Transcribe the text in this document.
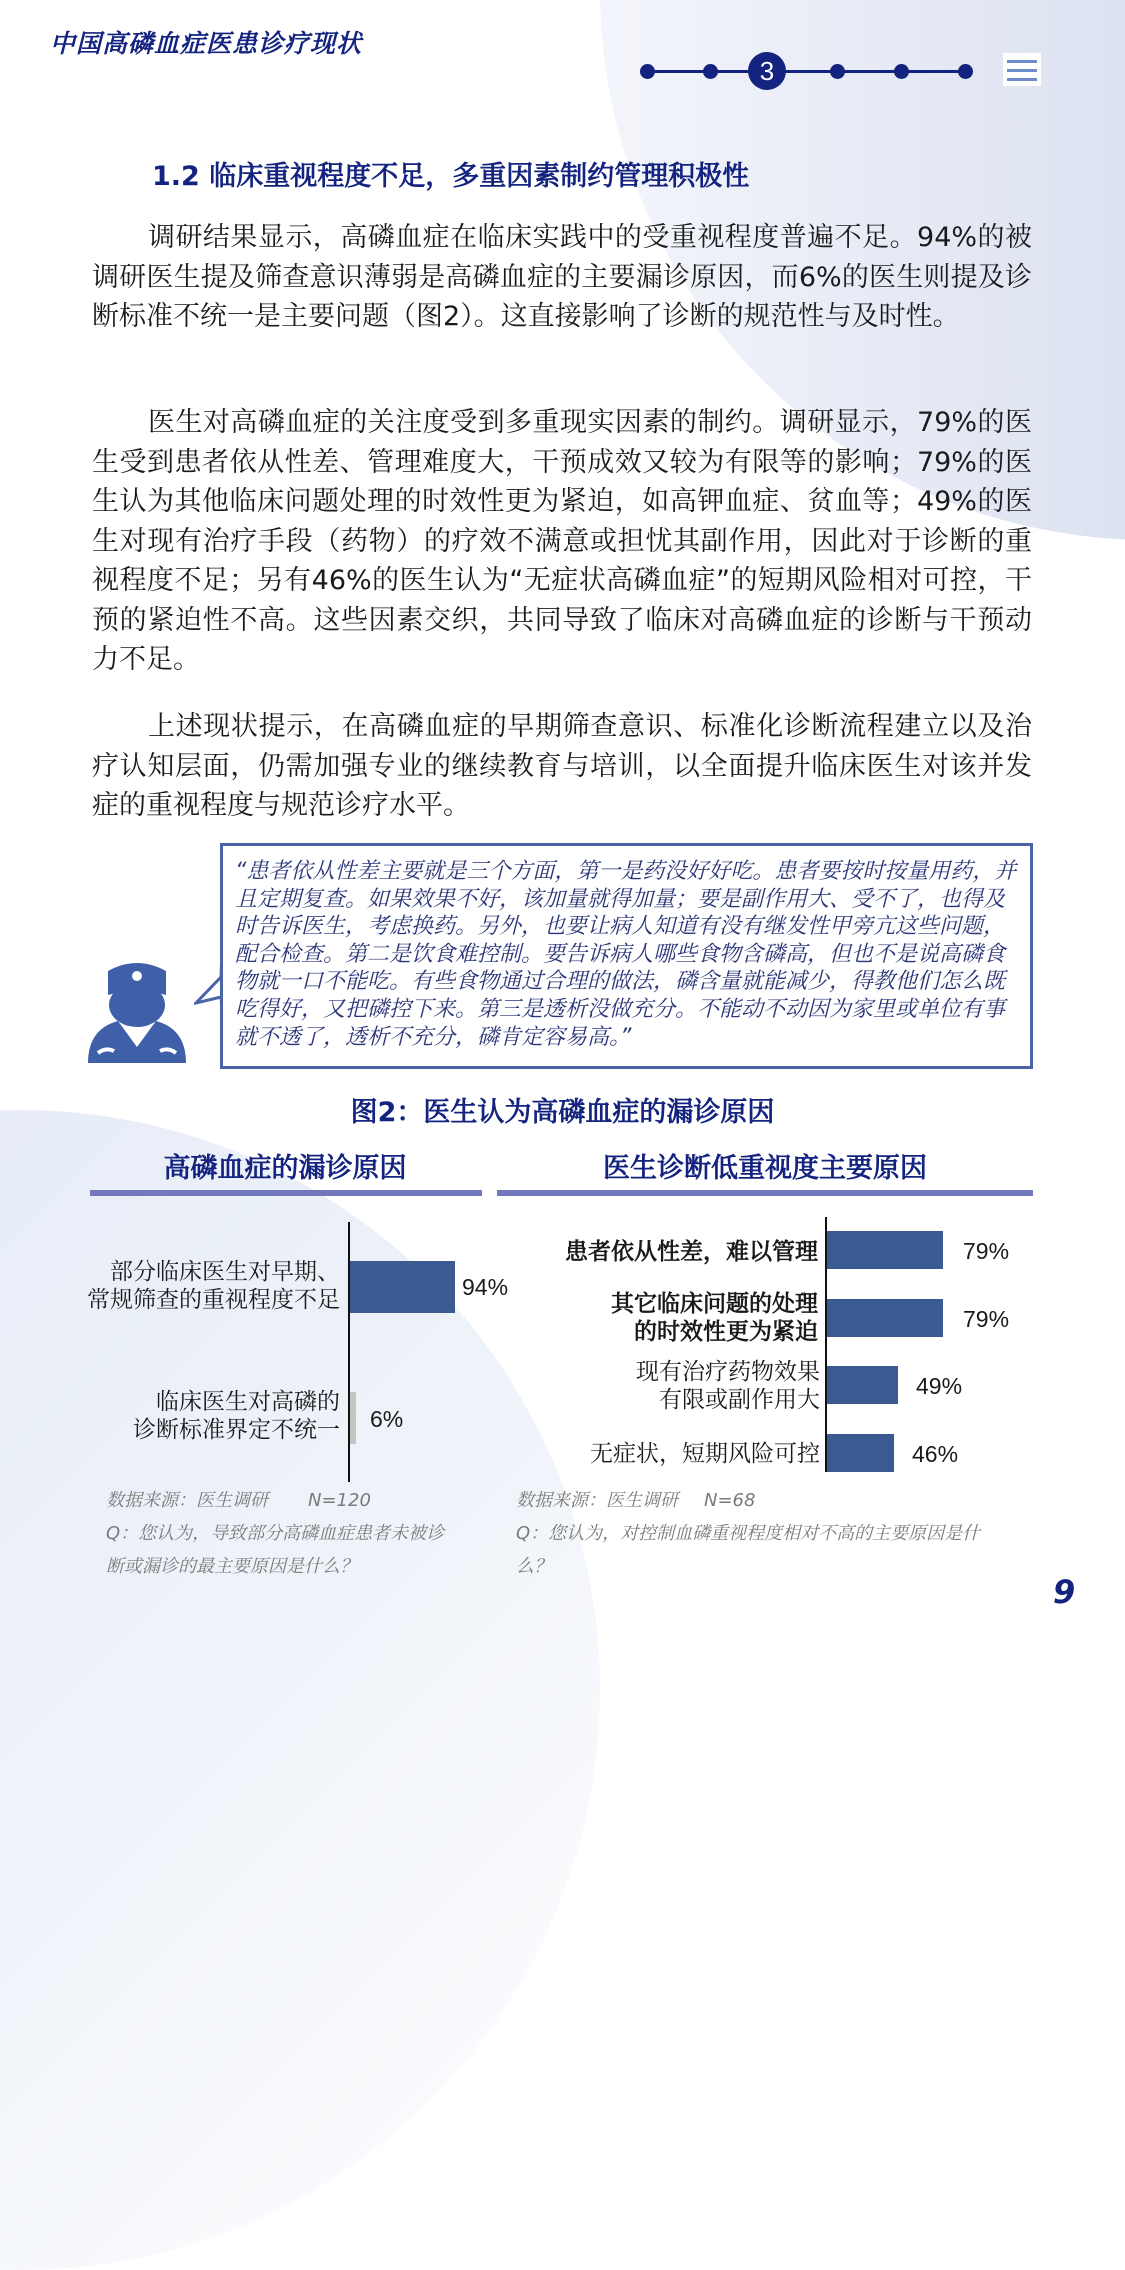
中国高磷血症医患诊疗现状
3
1.2 临床重视程度不足，多重因素制约管理积极性
调研结果显示，高磷血症在临床实践中的受重视程度普遍不足。94%的被调研医生提及筛查意识薄弱是高磷血症的主要漏诊原因，而6%的医生则提及诊断标准不统一是主要问题（图2）。这直接影响了诊断的规范性与及时性。
医生对高磷血症的关注度受到多重现实因素的制约。调研显示，79%的医生受到患者依从性差、管理难度大，干预成效又较为有限等的影响；79%的医生认为其他临床问题处理的时效性更为紧迫，如高钾血症、贫血等；49%的医生对现有治疗手段（药物）的疗效不满意或担忧其副作用，因此对于诊断的重视程度不足；另有46%的医生认为“无症状高磷血症”的短期风险相对可控，干预的紧迫性不高。这些因素交织，共同导致了临床对高磷血症的诊断与干预动力不足。
上述现状提示，在高磷血症的早期筛查意识、标准化诊断流程建立以及治疗认知层面，仍需加强专业的继续教育与培训，以全面提升临床医生对该并发症的重视程度与规范诊疗水平。
“患者依从性差主要就是三个方面，第一是药没好好吃。患者要按时按量用药，并且定期复查。如果效果不好，该加量就得加量；要是副作用大、受不了，也得及时告诉医生，考虑换药。另外，也要让病人知道有没有继发性甲旁亢这些问题，配合检查。第二是饮食难控制。要告诉病人哪些食物含磷高，但也不是说高磷食物就一口不能吃。有些食物通过合理的做法，磷含量就能减少，得教他们怎么既吃得好，又把磷控下来。第三是透析没做充分。不能动不动因为家里或单位有事就不透了，透析不充分，磷肯定容易高。”
图2：医生认为高磷血症的漏诊原因
高磷血症的漏诊原因
部分临床医生对早期、
常规筛查的重视程度不足	94%
临床医生对高磷的
诊断标准界定不统一 6%
数据来源：医生调研 N=120
Q：您认为，导致部分高磷血症患者未被诊
断或漏诊的最主要原因是什么？
医生诊断低重视度主要原因
患者依从性差，难以管理	79%
其它临床问题的处理
的时效性更为紧迫	79%
现有治疗药物效果
有限或副作用大
49%
无症状，短期风险可控	46%
数据来源：医生调研 N=68
Q：您认为，对控制血磷重视程度相对不高的主要原因是什
么？
9
